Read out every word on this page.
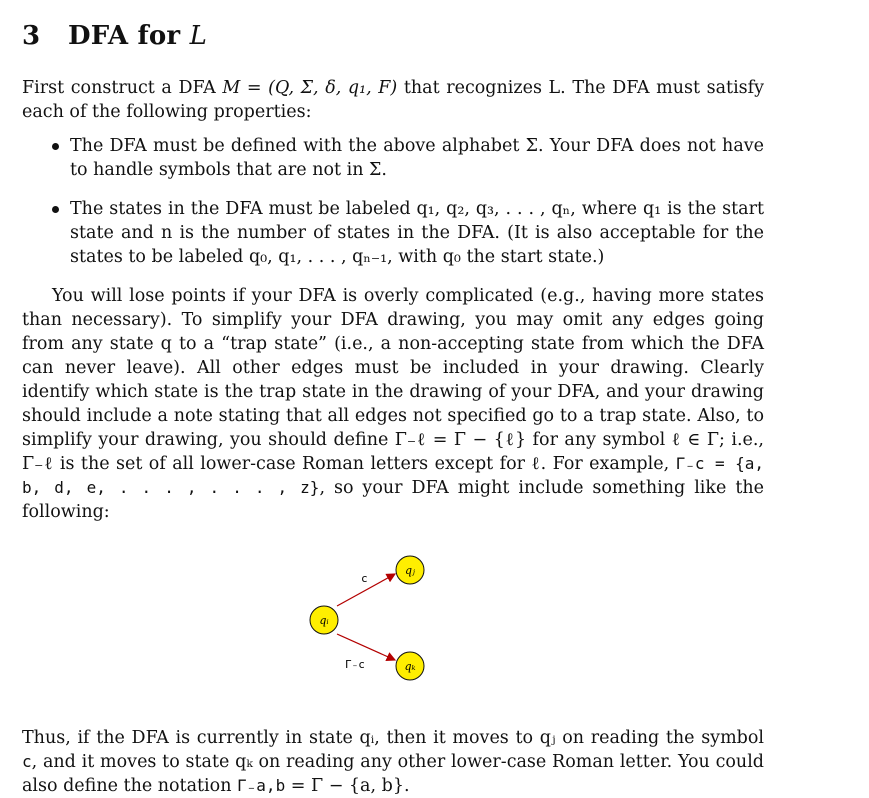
3 DFA for L

First construct a DFA M = (Q, Σ, δ, q₁, F) that recognizes L. The DFA must satisfy each of the following properties:

The DFA must be defined with the above alphabet Σ. Your DFA does not have to handle symbols that are not in Σ.

The states in the DFA must be labeled q₁, q₂, q₃, . . . , qₙ, where q₁ is the start state and n is the number of states in the DFA. (It is also acceptable for the states to be labeled q₀, q₁, . . . , qₙ₋₁, with q₀ the start state.)

You will lose points if your DFA is overly complicated (e.g., having more states than necessary). To simplify your DFA drawing, you may omit any edges going from any state q to a “trap state” (i.e., a non-accepting state from which the DFA can never leave). All other edges must be included in your drawing. Clearly identify which state is the trap state in the drawing of your DFA, and your drawing should include a note stating that all edges not specified go to a trap state. Also, to simplify your drawing, you should define Γ₋ℓ = Γ − {ℓ} for any symbol ℓ ∈ Γ; i.e., Γ₋ℓ is the set of all lower-case Roman letters except for ℓ. For example, Γ₋c = {a, b, d, e, . . . , . . . , z}, so your DFA might include something like the following:

c
Γ₋c
qᵢ
qⱼ
qₖ

Thus, if the DFA is currently in state qᵢ, then it moves to qⱼ on reading the symbol c, and it moves to state qₖ on reading any other lower-case Roman letter. You could also define the notation Γ₋a,b = Γ − {a, b}.
